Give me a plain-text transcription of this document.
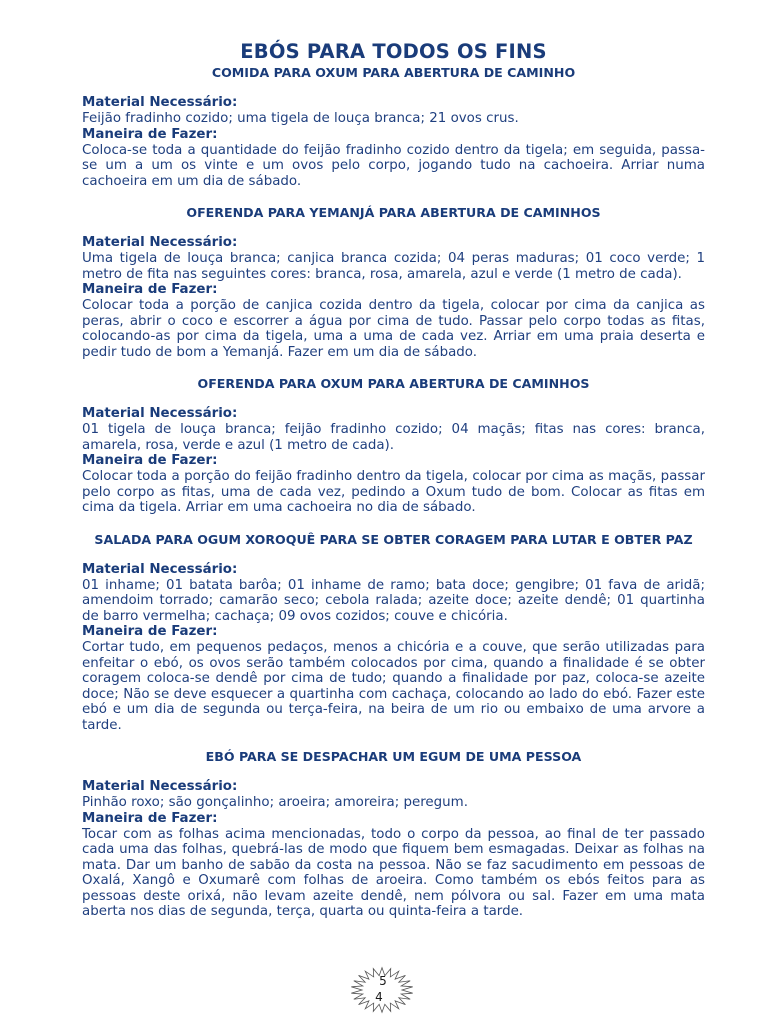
EBÓS PARA TODOS OS FINS
COMIDA PARA OXUM PARA ABERTURA DE CAMINHO

Material Necessário:

Feijão fradinho cozido; uma tigela de louça branca; 21 ovos crus.

Maneira de Fazer:

Coloca-se toda a quantidade do feijão fradinho cozido dentro da tigela; em seguida, passa-se um a um os vinte e um ovos pelo corpo, jogando tudo na cachoeira. Arriar numa cachoeira em um dia de sábado.

OFERENDA PARA YEMANJÁ PARA ABERTURA DE CAMINHOS

Material Necessário:

Uma tigela de louça branca; canjica branca cozida; 04 peras maduras; 01 coco verde; 1 metro de fita nas seguintes cores: branca, rosa, amarela, azul e verde (1 metro de cada).

Maneira de Fazer:

Colocar toda a porção de canjica cozida dentro da tigela, colocar por cima da canjica as peras, abrir o coco e escorrer a água por cima de tudo. Passar pelo corpo todas as fitas, colocando-as por cima da tigela, uma a uma de cada vez. Arriar em uma praia deserta e pedir tudo de bom a Yemanjá. Fazer em um dia de sábado.

OFERENDA PARA OXUM PARA ABERTURA DE CAMINHOS

Material Necessário:

01 tigela de louça branca; feijão fradinho cozido; 04 maçãs; fitas nas cores: branca, amarela, rosa, verde e azul (1 metro de cada).

Maneira de Fazer:

Colocar toda a porção do feijão fradinho dentro da tigela, colocar por cima as maçãs, passar pelo corpo as fitas, uma de cada vez, pedindo a Oxum tudo de bom. Colocar as fitas em cima da tigela. Arriar em uma cachoeira no dia de sábado.

SALADA PARA OGUM XOROQUÊ PARA SE OBTER CORAGEM PARA LUTAR E OBTER PAZ

Material Necessário:

01 inhame; 01 batata barôa; 01 inhame de ramo; bata doce; gengibre; 01 fava de aridã; amendoim torrado; camarão seco; cebola ralada; azeite doce; azeite dendê; 01 quartinha de barro vermelha; cachaça; 09 ovos cozidos; couve e chicória.

Maneira de Fazer:

Cortar tudo, em pequenos pedaços, menos a chicória e a couve, que serão utilizadas para enfeitar o ebó, os ovos serão também colocados por cima, quando a finalidade é se obter coragem coloca-se dendê por cima de tudo; quando a finalidade por paz, coloca-se azeite doce; Não se deve esquecer a quartinha com cachaça, colocando ao lado do ebó. Fazer este ebó e um dia de segunda ou terça-feira, na beira de um rio ou embaixo de uma arvore a tarde.

EBÓ PARA SE DESPACHAR UM EGUM DE UMA PESSOA

Material Necessário:

Pinhão roxo; são gonçalinho; aroeira; amoreira; peregum.

Maneira de Fazer:

Tocar com as folhas acima mencionadas, todo o corpo da pessoa, ao final de ter passado cada uma das folhas, quebrá-las de modo que fiquem bem esmagadas. Deixar as folhas na mata. Dar um banho de sabão da costa na pessoa. Não se faz sacudimento em pessoas de Oxalá, Xangô e Oxumarê com folhas de aroeira. Como também os ebós feitos para as pessoas deste orixá, não levam azeite dendê, nem pólvora ou sal. Fazer em uma mata aberta nos dias de segunda, terça, quarta ou quinta-feira a tarde.

5
4
